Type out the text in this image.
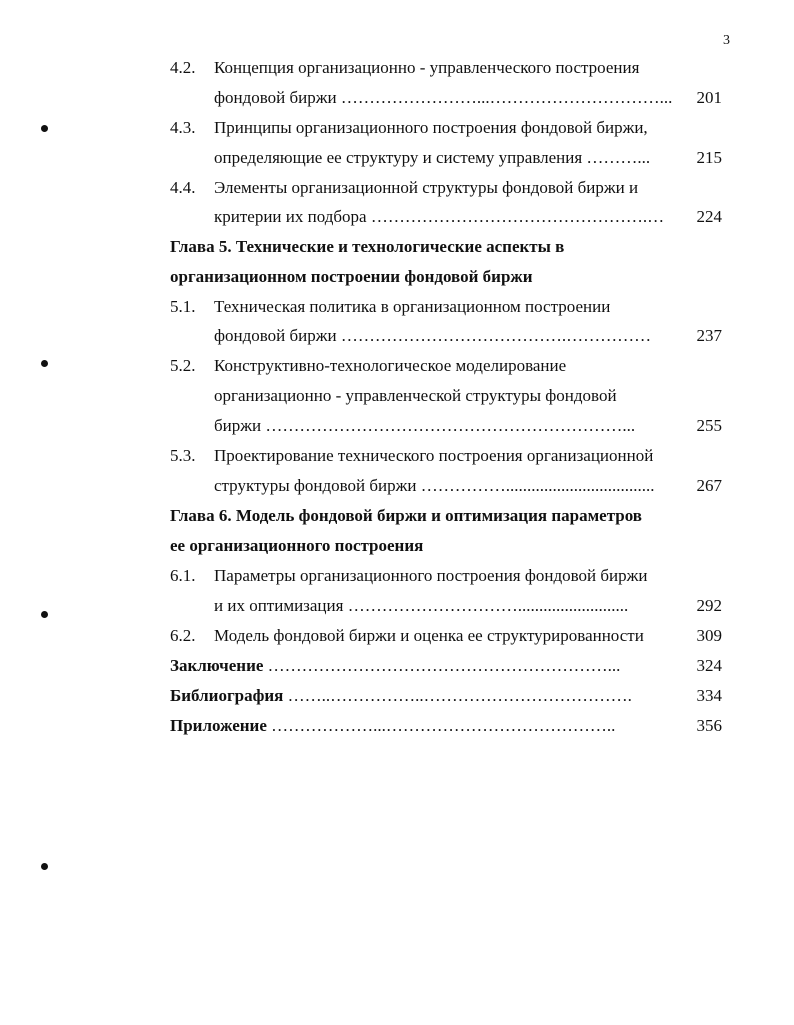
3
4.2. Концепция организационно - управленческого построения
фондовой биржи ……………………...…………………………... 201
4.3. Принципы организационного построения фондовой биржи,
определяющие ее структуру и систему управления ………...	215
4.4. Элементы организационной структуры фондовой биржи и
критерии их подбора ………………………………………….… 224
Глава 5. Технические и технологические аспекты в
организационном построении фондовой биржи
5.1. Техническая политика в организационном построении
фондовой биржи ………………………………….……………	237
5.2. Конструктивно-технологическое моделирование
организационно - управленческой структуры фондовой
биржи ………………………………………………………...	255
5.3. Проектирование технического построения организационной
структуры фондовой биржи ……………................................... 267
Глава 6. Модель фондовой биржи и оптимизация параметров
ее организационного построения
6.1. Параметры организационного построения фондовой биржи
и их оптимизация …………………………..........................	292
6.2. Модель фондовой биржи и оценка ее структурированности	309
Заключение ……………………………………………………...	324
Библиография ……..……………..……………………………….	334
Приложение ………………...…………………………………..	356
